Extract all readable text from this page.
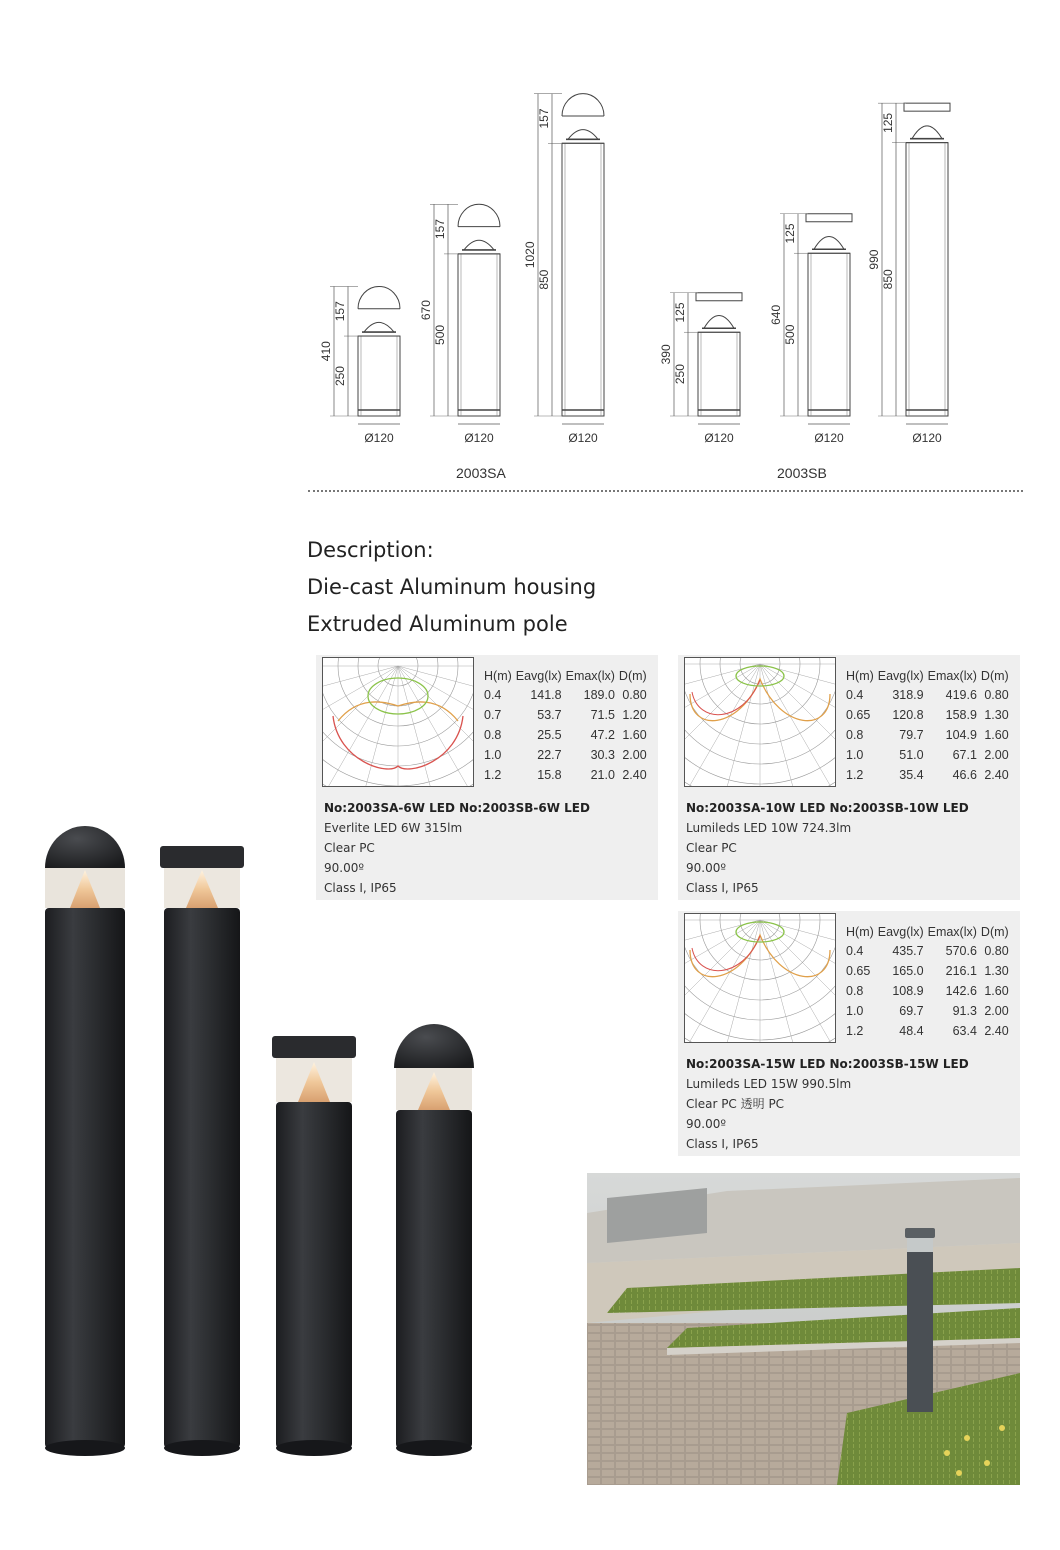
410
157
250
Ø120
670
157
500
Ø120
1020
157
850
Ø120
390
125
250
Ø120
640
125
500
Ø120
990
125
850
Ø120
2003SA	2003SB
Description:
Die-cast Aluminum housing
Extruded Aluminum pole
H(m)	Eavg(lx)	Emax(lx)	D(m)
0.4	141.8	189.0	0.80
0.7	53.7	71.5	1.20
0.8	25.5	47.2	1.60
1.0	22.7	30.3	2.00
1.2	15.8	21.0	2.40
No:2003SA-6W LED No:2003SB-6W LED
Everlite LED 6W 315lm
Clear PC
90.00º
Class I, IP65
H(m)	Eavg(lx)	Emax(lx)	D(m)
0.4	318.9	419.6	0.80
0.65	120.8	158.9	1.30
0.8	79.7	104.9	1.60
1.0	51.0	67.1	2.00
1.2	35.4	46.6	2.40
No:2003SA-10W LED No:2003SB-10W LED
Lumileds LED 10W 724.3lm
Clear PC
90.00º
Class I, IP65
H(m)	Eavg(lx)	Emax(lx)	D(m)
0.4	435.7	570.6	0.80
0.65	165.0	216.1	1.30
0.8	108.9	142.6	1.60
1.0	69.7	91.3	2.00
1.2	48.4	63.4	2.40
No:2003SA-15W LED No:2003SB-15W LED
Lumileds LED 15W 990.5lm
Clear PC 透明 PC
90.00º
Class I, IP65
